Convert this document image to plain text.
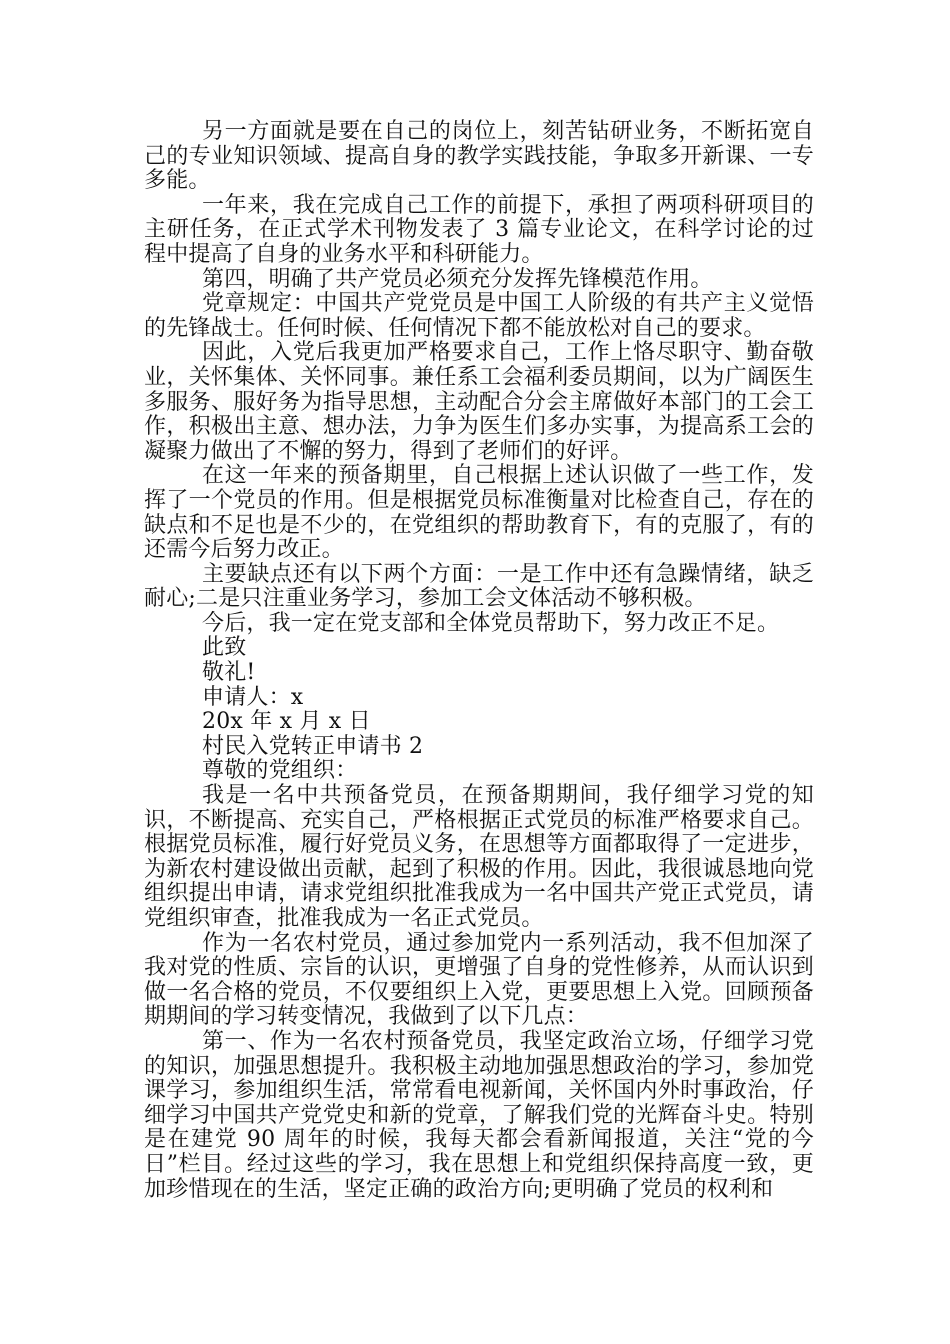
另一方面就是要在自己的岗位上，刻苦钻研业务，不断拓宽自己的专业知识领域、提高自身的教学实践技能，争取多开新课、一专多能。

一年来，我在完成自己工作的前提下，承担了两项科研项目的主研任务，在正式学术刊物发表了 3 篇专业论文，在科学讨论的过程中提高了自身的业务水平和科研能力。

第四，明确了共产党员必须充分发挥先锋模范作用。

党章规定：中国共产党党员是中国工人阶级的有共产主义觉悟的先锋战士。任何时候、任何情况下都不能放松对自己的要求。

因此，入党后我更加严格要求自己，工作上恪尽职守、勤奋敬业，关怀集体、关怀同事。兼任系工会福利委员期间，以为广阔医生多服务、服好务为指导思想，主动配合分会主席做好本部门的工会工作，积极出主意、想办法，力争为医生们多办实事，为提高系工会的凝聚力做出了不懈的努力，得到了老师们的好评。

在这一年来的预备期里，自己根据上述认识做了一些工作，发挥了一个党员的作用。但是根据党员标准衡量对比检查自己，存在的缺点和不足也是不少的，在党组织的帮助教育下，有的克服了，有的还需今后努力改正。

主要缺点还有以下两个方面：一是工作中还有急躁情绪，缺乏耐心;二是只注重业务学习，参加工会文体活动不够积极。

今后，我一定在党支部和全体党员帮助下，努力改正不足。

此致

敬礼!

申请人：x

20x 年 x 月 x 日

村民入党转正申请书 2

尊敬的党组织：

我是一名中共预备党员，在预备期期间，我仔细学习党的知识，不断提高、充实自己，严格根据正式党员的标准严格要求自己。根据党员标准，履行好党员义务，在思想等方面都取得了一定进步，为新农村建设做出贡献，起到了积极的作用。因此，我很诚恳地向党组织提出申请，请求党组织批准我成为一名中国共产党正式党员，请党组织审查，批准我成为一名正式党员。

作为一名农村党员，通过参加党内一系列活动，我不但加深了我对党的性质、宗旨的认识，更增强了自身的党性修养，从而认识到做一名合格的党员，不仅要组织上入党，更要思想上入党。回顾预备期期间的学习转变情况，我做到了以下几点：

第一、作为一名农村预备党员，我坚定政治立场，仔细学习党的知识，加强思想提升。我积极主动地加强思想政治的学习，参加党课学习，参加组织生活，常常看电视新闻，关怀国内外时事政治，仔细学习中国共产党党史和新的党章，了解我们党的光辉奋斗史。特别是在建党 90 周年的时候，我每天都会看新闻报道，关注“党的今日”栏目。经过这些的学习，我在思想上和党组织保持高度一致，更加珍惜现在的生活，坚定正确的政治方向;更明确了党员的权利和
